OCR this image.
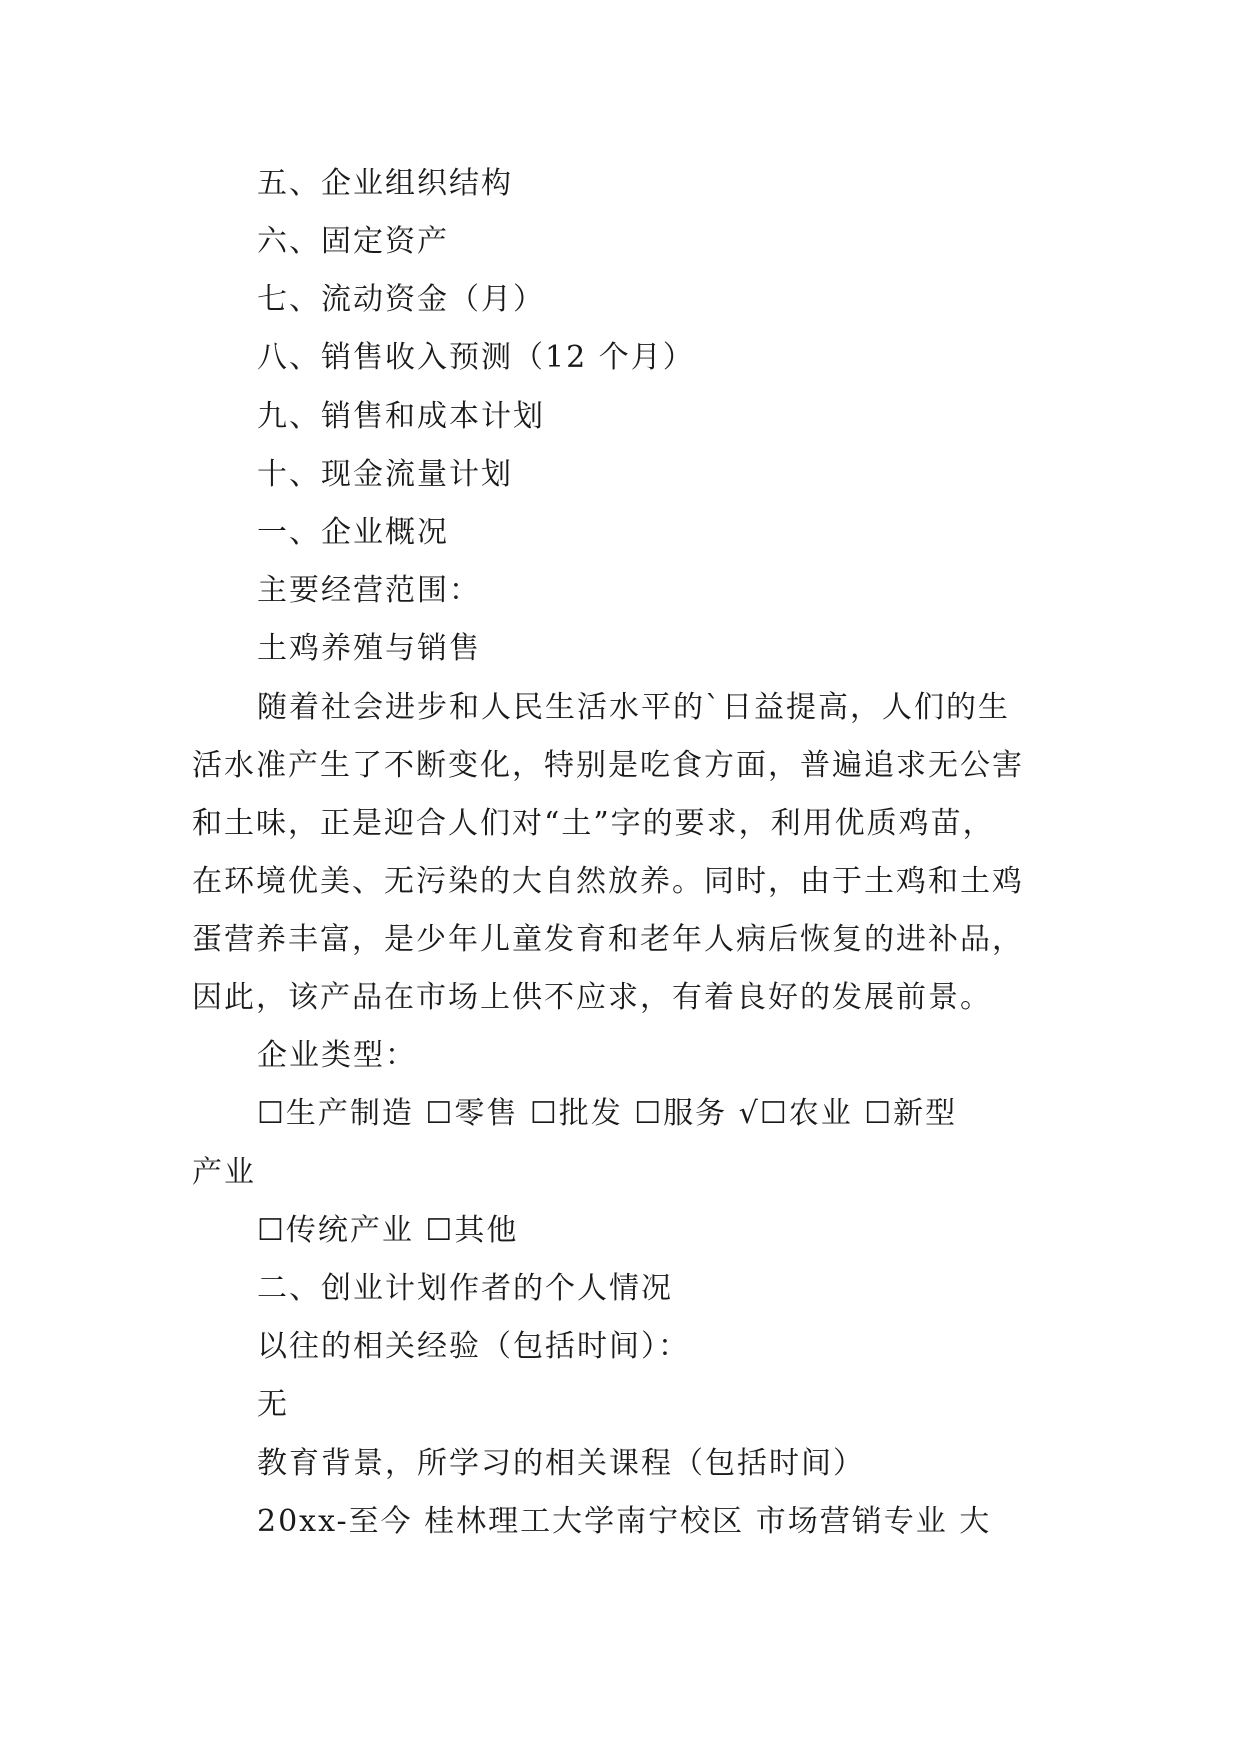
五、企业组织结构
六、固定资产
七、流动资金（月）
八、销售收入预测（12 个月）
九、销售和成本计划
十、现金流量计划
一、企业概况
主要经营范围：
土鸡养殖与销售
随着社会进步和人民生活水平的`日益提高，人们的生
活水准产生了不断变化，特别是吃食方面，普遍追求无公害
和土味，正是迎合人们对“土”字的要求，利用优质鸡苗，
在环境优美、无污染的大自然放养。同时，由于土鸡和土鸡
蛋营养丰富，是少年儿童发育和老年人病后恢复的进补品，
因此，该产品在市场上供不应求，有着良好的发展前景。
企业类型：
☐生产制造 ☐零售 ☐批发 ☐服务 √☐农业 ☐新型
产业
☐传统产业 ☐其他
二、创业计划作者的个人情况
以往的相关经验（包括时间）：
无
教育背景，所学习的相关课程（包括时间）
20xx-至今 桂林理工大学南宁校区 市场营销专业 大
